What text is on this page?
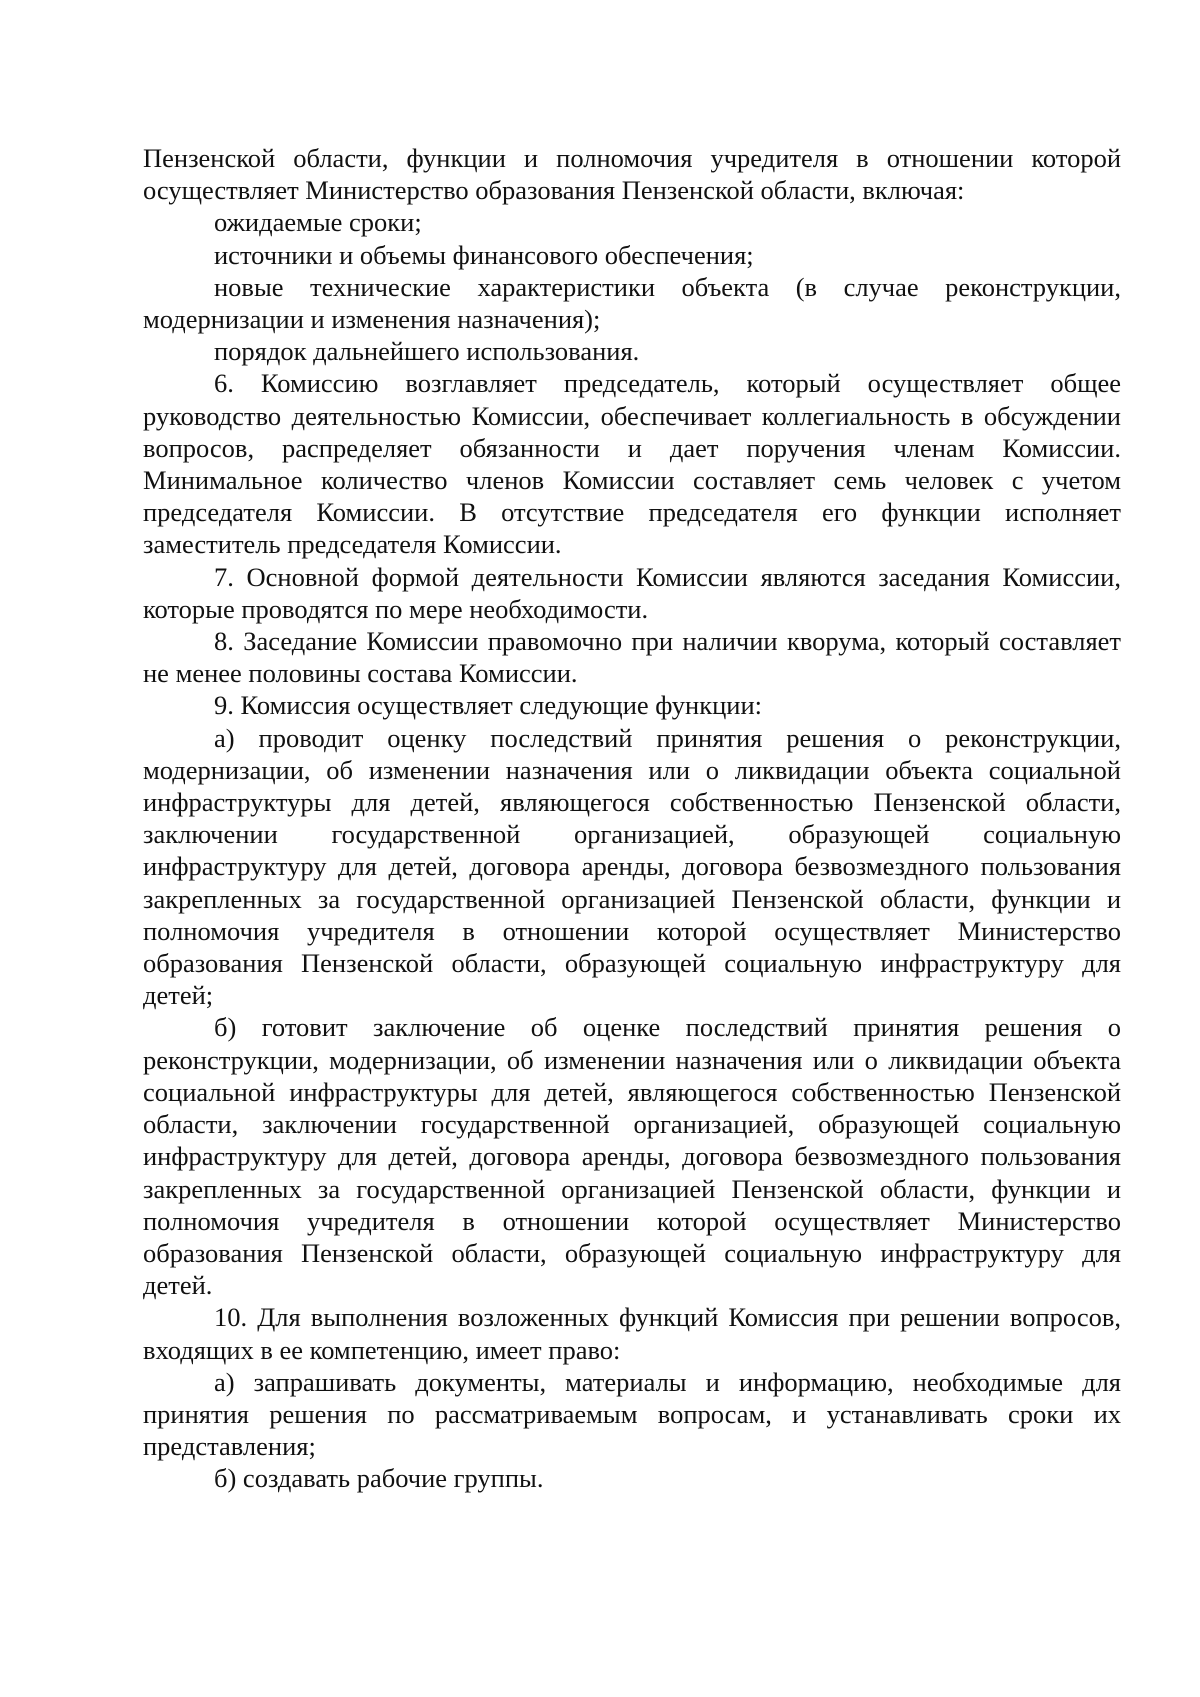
Пензенской области, функции и полномочия учредителя в отношении которой осуществляет Министерство образования Пензенской области, включая:

ожидаемые сроки;

источники и объемы финансового обеспечения;

новые технические характеристики объекта (в случае реконструкции, модернизации и изменения назначения);

порядок дальнейшего использования.

6. Комиссию возглавляет председатель, который осуществляет общее руководство деятельностью Комиссии, обеспечивает коллегиальность в обсуждении вопросов, распределяет обязанности и дает поручения членам Комиссии. Минимальное количество членов Комиссии составляет семь человек с учетом председателя Комиссии. В отсутствие председателя его функции исполняет заместитель председателя Комиссии.

7. Основной формой деятельности Комиссии являются заседания Комиссии, которые проводятся по мере необходимости.

8. Заседание Комиссии правомочно при наличии кворума, который составляет не менее половины состава Комиссии.

9. Комиссия осуществляет следующие функции:

а) проводит оценку последствий принятия решения о реконструкции, модернизации, об изменении назначения или о ликвидации объекта социальной инфраструктуры для детей, являющегося собственностью Пензенской области, заключении государственной организацией, образующей социальную инфраструктуру для детей, договора аренды, договора безвозмездного пользования закрепленных за государственной организацией Пензенской области, функции и полномочия учредителя в отношении которой осуществляет Министерство образования Пензенской области, образующей социальную инфраструктуру для детей;

б) готовит заключение об оценке последствий принятия решения о реконструкции, модернизации, об изменении назначения или о ликвидации объекта социальной инфраструктуры для детей, являющегося собственностью Пензенской области, заключении государственной организацией, образующей социальную инфраструктуру для детей, договора аренды, договора безвозмездного пользования закрепленных за государственной организацией Пензенской области, функции и полномочия учредителя в отношении которой осуществляет Министерство образования Пензенской области, образующей социальную инфраструктуру для детей.

10. Для выполнения возложенных функций Комиссия при решении вопросов, входящих в ее компетенцию, имеет право:

а) запрашивать документы, материалы и информацию, необходимые для принятия решения по рассматриваемым вопросам, и устанавливать сроки их представления;

б) создавать рабочие группы.
